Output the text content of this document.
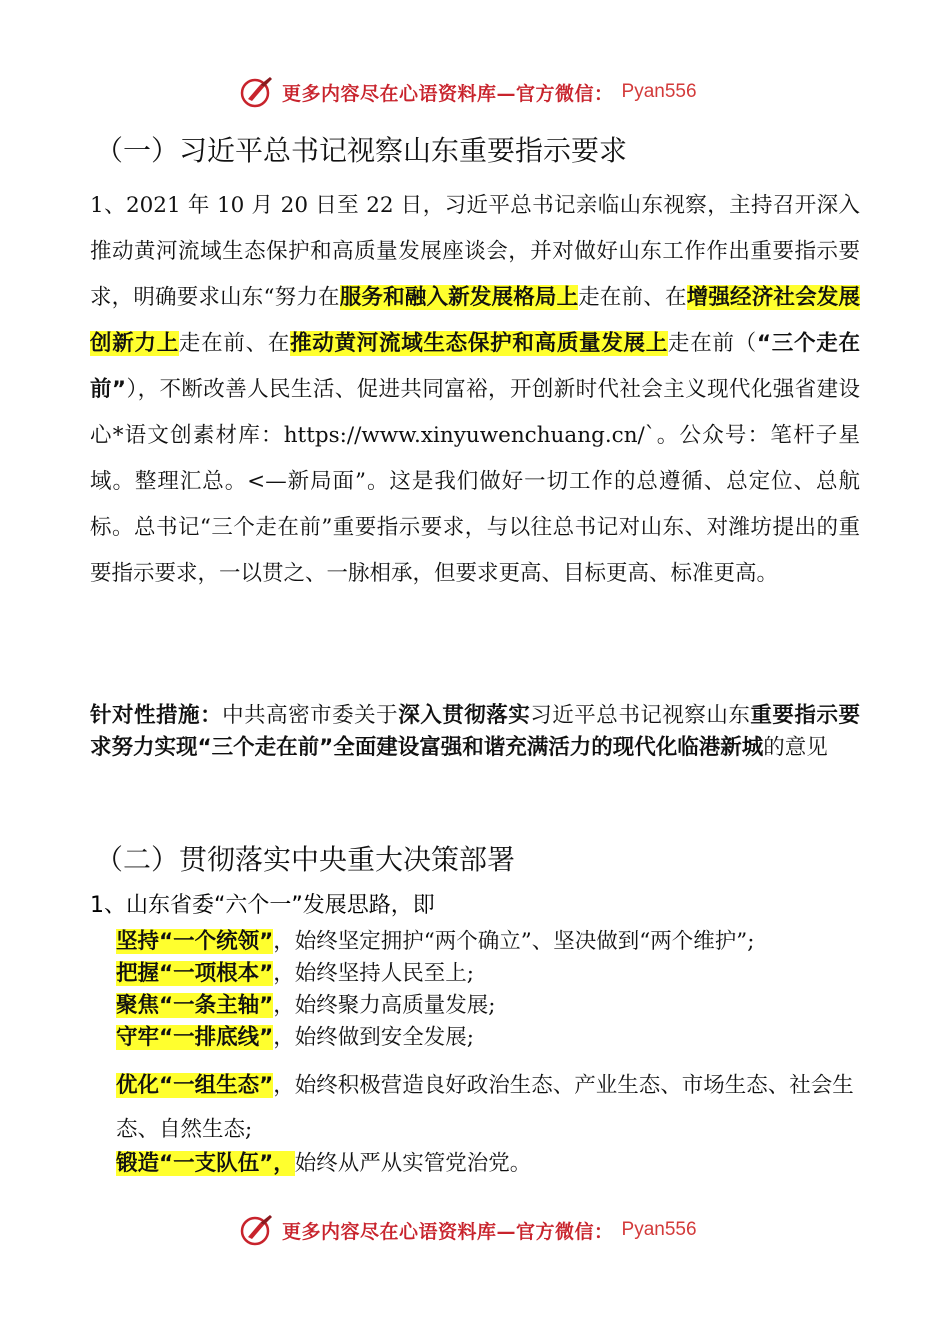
更多内容尽在心语资料库—官方微信： Pyan556
（一）习近平总书记视察山东重要指示要求

1、2021 年 10 月 20 日至 22 日，习近平总书记亲临山东视察，主持召开深入推动黄河流域生态保护和高质量发展座谈会，并对做好山东工作作出重要指示要求，明确要求山东“努力在服务和融入新发展格局上走在前、在增强经济社会发展创新力上走在前、在推动黄河流域生态保护和高质量发展上走在前（“三个走在前”），不断改善人民生活、促进共同富裕，开创新时代社会主义现代化强省建设心*语文创素材库：https://www.xinyuwenchuang.cn/`。公众号：笔杆子星域。整理汇总。<—新局面”。这是我们做好一切工作的总遵循、总定位、总航标。总书记“三个走在前”重要指示要求，与以往总书记对山东、对潍坊提出的重要指示要求，一以贯之、一脉相承，但要求更高、目标更高、标准更高。

针对性措施：中共高密市委关于深入贯彻落实习近平总书记视察山东重要指示要求努力实现“三个走在前”全面建设富强和谐充满活力的现代化临港新城的意见

（二）贯彻落实中央重大决策部署
1、山东省委“六个一”发展思路，即
坚持“一个统领”，始终坚定拥护“两个确立”、坚决做到“两个维护”;
把握“一项根本”，始终坚持人民至上;
聚焦“一条主轴”，始终聚力高质量发展;
守牢“一排底线”，始终做到安全发展;
优化“一组生态”，始终积极营造良好政治生态、产业生态、市场生态、社会生态、自然生态;
锻造“一支队伍”，始终从严从实管党治党。
更多内容尽在心语资料库—官方微信： Pyan556
